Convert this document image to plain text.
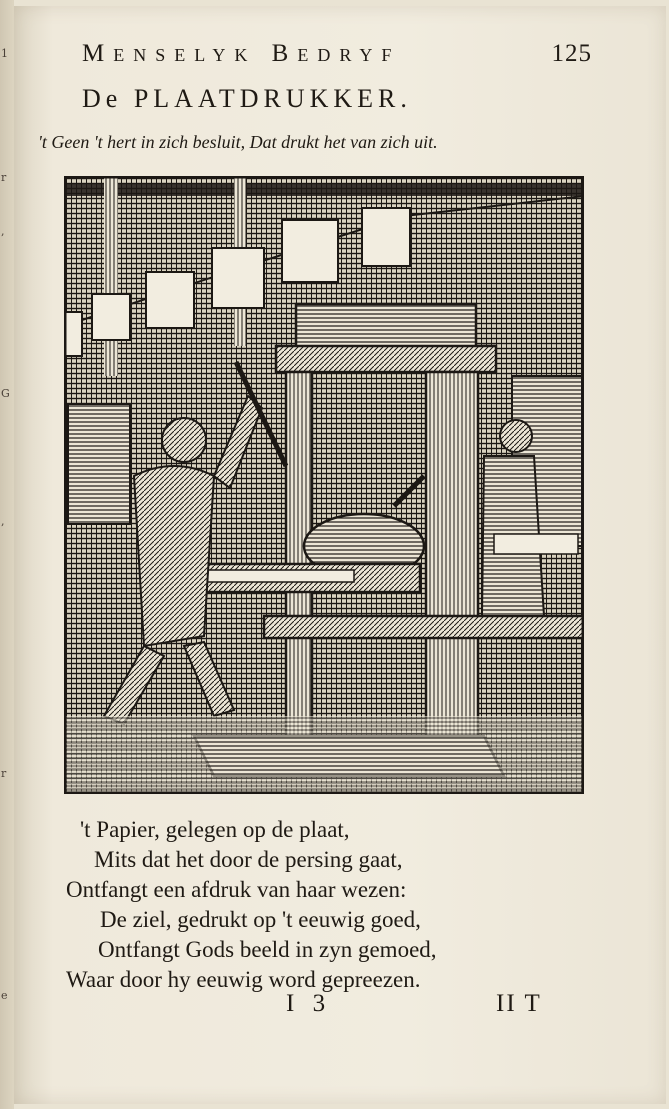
1
r
,
G
,
r
e
Menselyk Bedryf	125
De PLAATDRUKKER.
't Geen 't hert in zich besluit, Dat drukt het van zich uit.
't Papier, gelegen op de plaat,
Mits dat het door de persing gaat,
Ontfangt een afdruk van haar wezen:
De ziel, gedrukt op 't eeuwig goed,
Ontfangt Gods beeld in zyn gemoed,
Waar door hy eeuwig word gepreezen.
I 3	II T
